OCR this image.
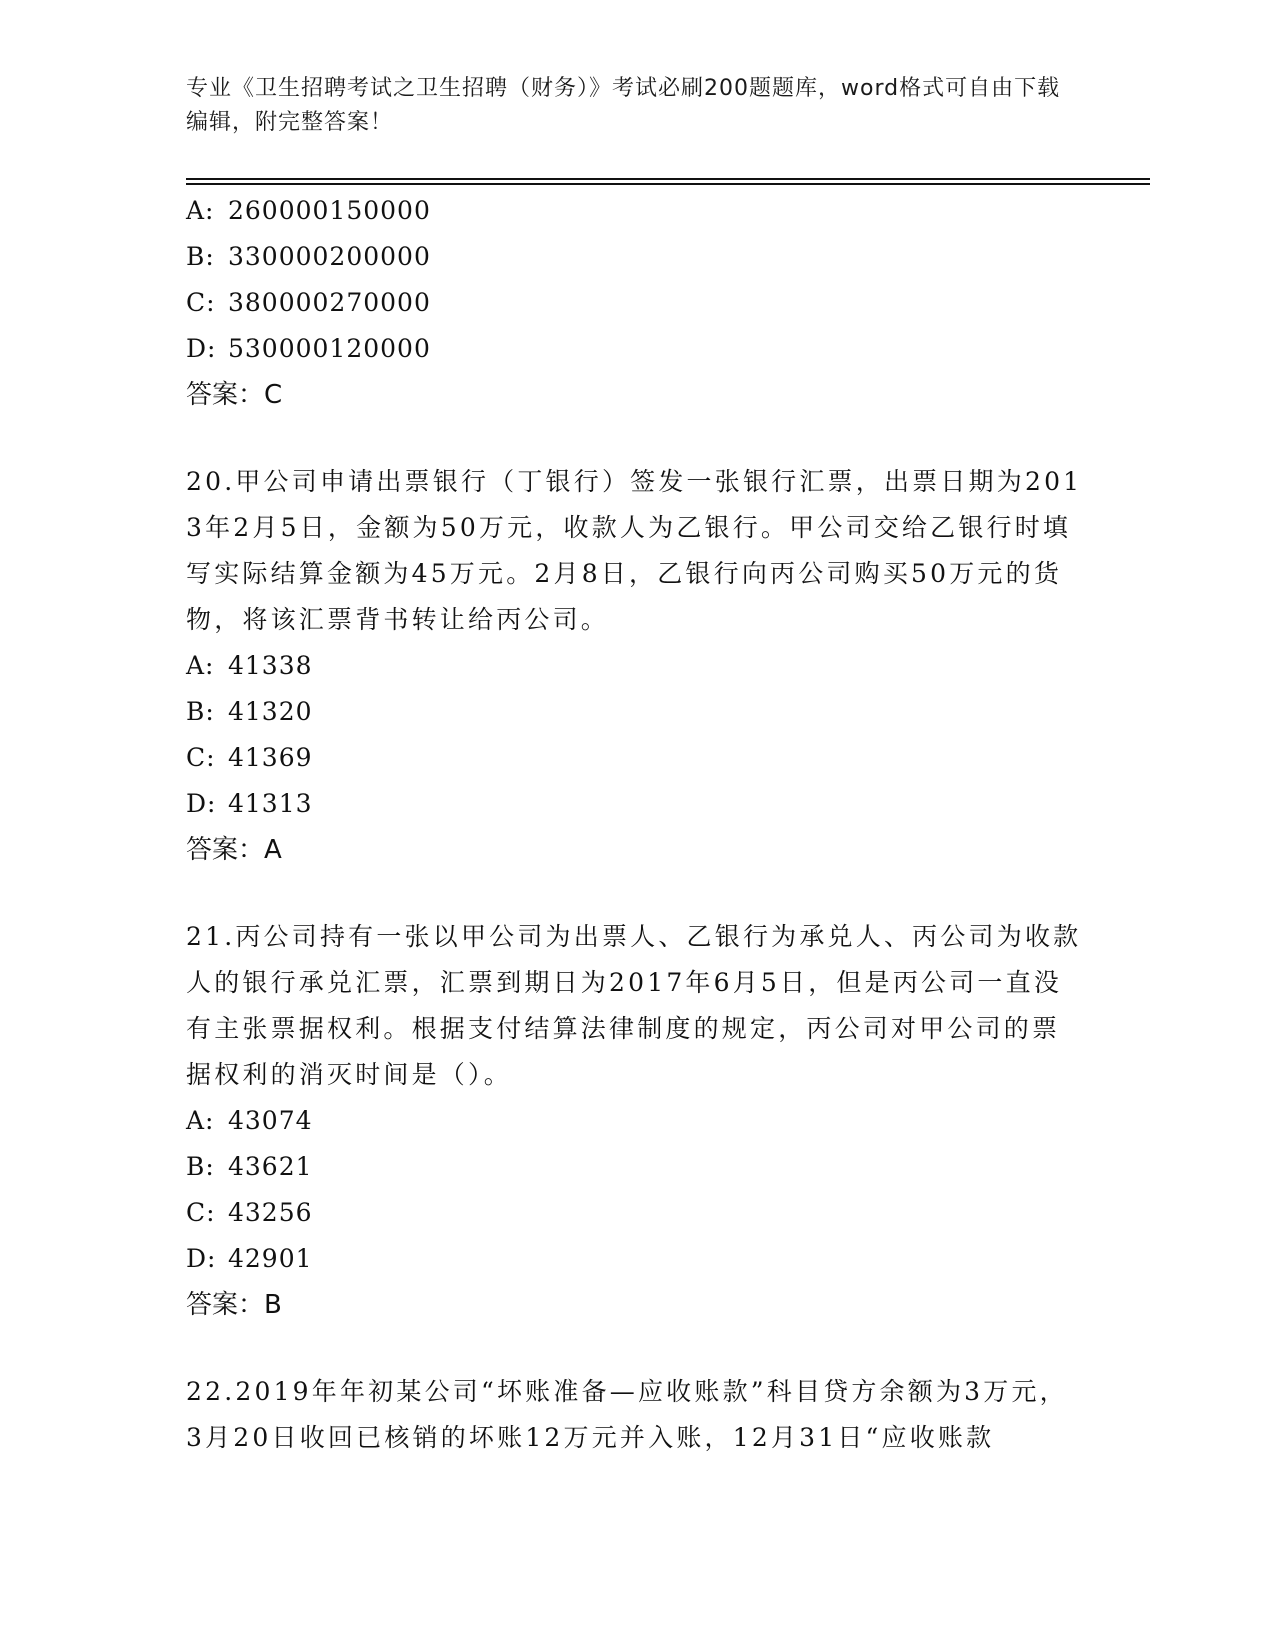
专业《卫生招聘考试之卫生招聘（财务）》考试必刷200题题库，word格式可自由下载编辑，附完整答案！
A: 260000150000
B: 330000200000
C: 380000270000
D: 530000120000
答案：C
20.甲公司申请出票银行（丁银行）签发一张银行汇票，出票日期为2013年2月5日，金额为50万元，收款人为乙银行。甲公司交给乙银行时填写实际结算金额为45万元。2月8日，乙银行向丙公司购买50万元的货物，将该汇票背书转让给丙公司。
A: 41338
B: 41320
C: 41369
D: 41313
答案：A
21.丙公司持有一张以甲公司为出票人、乙银行为承兑人、丙公司为收款人的银行承兑汇票，汇票到期日为2017年6月5日，但是丙公司一直没有主张票据权利。根据支付结算法律制度的规定，丙公司对甲公司的票据权利的消灭时间是（）。
A: 43074
B: 43621
C: 43256
D: 42901
答案：B
22.2019年年初某公司“坏账准备—应收账款”科目贷方余额为3万元，3月20日收回已核销的坏账12万元并入账，12月31日“应收账款
